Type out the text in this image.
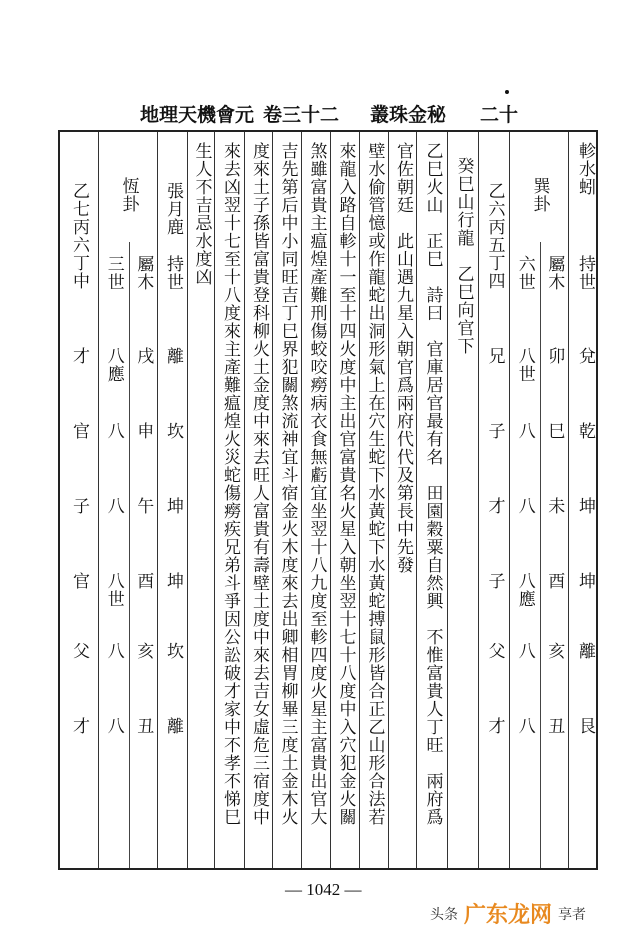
地理天機會元 卷三十二 叢珠金秘 二十
軫水蚓
持世
兌
乾
坤
坤
離
艮
巽卦
六世
八世
八
八
八應
八
八
屬木
卯
巳
未
酉
亥
丑
乙六丙五丁四
兄
子
才
子
父
才
癸巳山行龍　乙巳向官下
乙巳火山　正巳　詩曰　官庫居官最有名　田園穀粟自然興　不惟富貴人丁旺　兩府爲
官佐朝廷　此山遇九星入朝官爲兩府代代及第長中先發
壁水偷管憶或作龍蛇出洞形氣上在穴生蛇下水黃蛇下水黃蛇搏鼠形皆合正乙山形合法若
來龍入路自軫十一至十四火度中主出官富貴名火星入朝坐翌十七十八度中入穴犯金火關
煞雖富貴主瘟煌產難刑傷蛟咬癆病衣食無虧宜坐翌十八九度至軫四度火星主富貴出官大
吉先第后中小同旺吉丁巳界犯關煞流神宜斗宿金火木度來去出卿相胃柳畢三度土金木火
度來土子孫皆富貴登科柳火土金度中來去旺人富貴有壽壁土度中來去吉女虛危三宿度中
來去凶翌十七至十八度來主產難瘟煌火災蛇傷癆疾兄弟斗爭因公訟破才家中不孝不悌巳
生人不吉忌水度凶
張月鹿
持世
離
坎
坤
坤
坎
離
恆卦
三世
八應
八
八
八世
八
八
屬木
戌
申
午
酉
亥
丑
乙七丙六丁中
才
官
子
官
父
才
— 1042 —
头条 广东龙网 享者
